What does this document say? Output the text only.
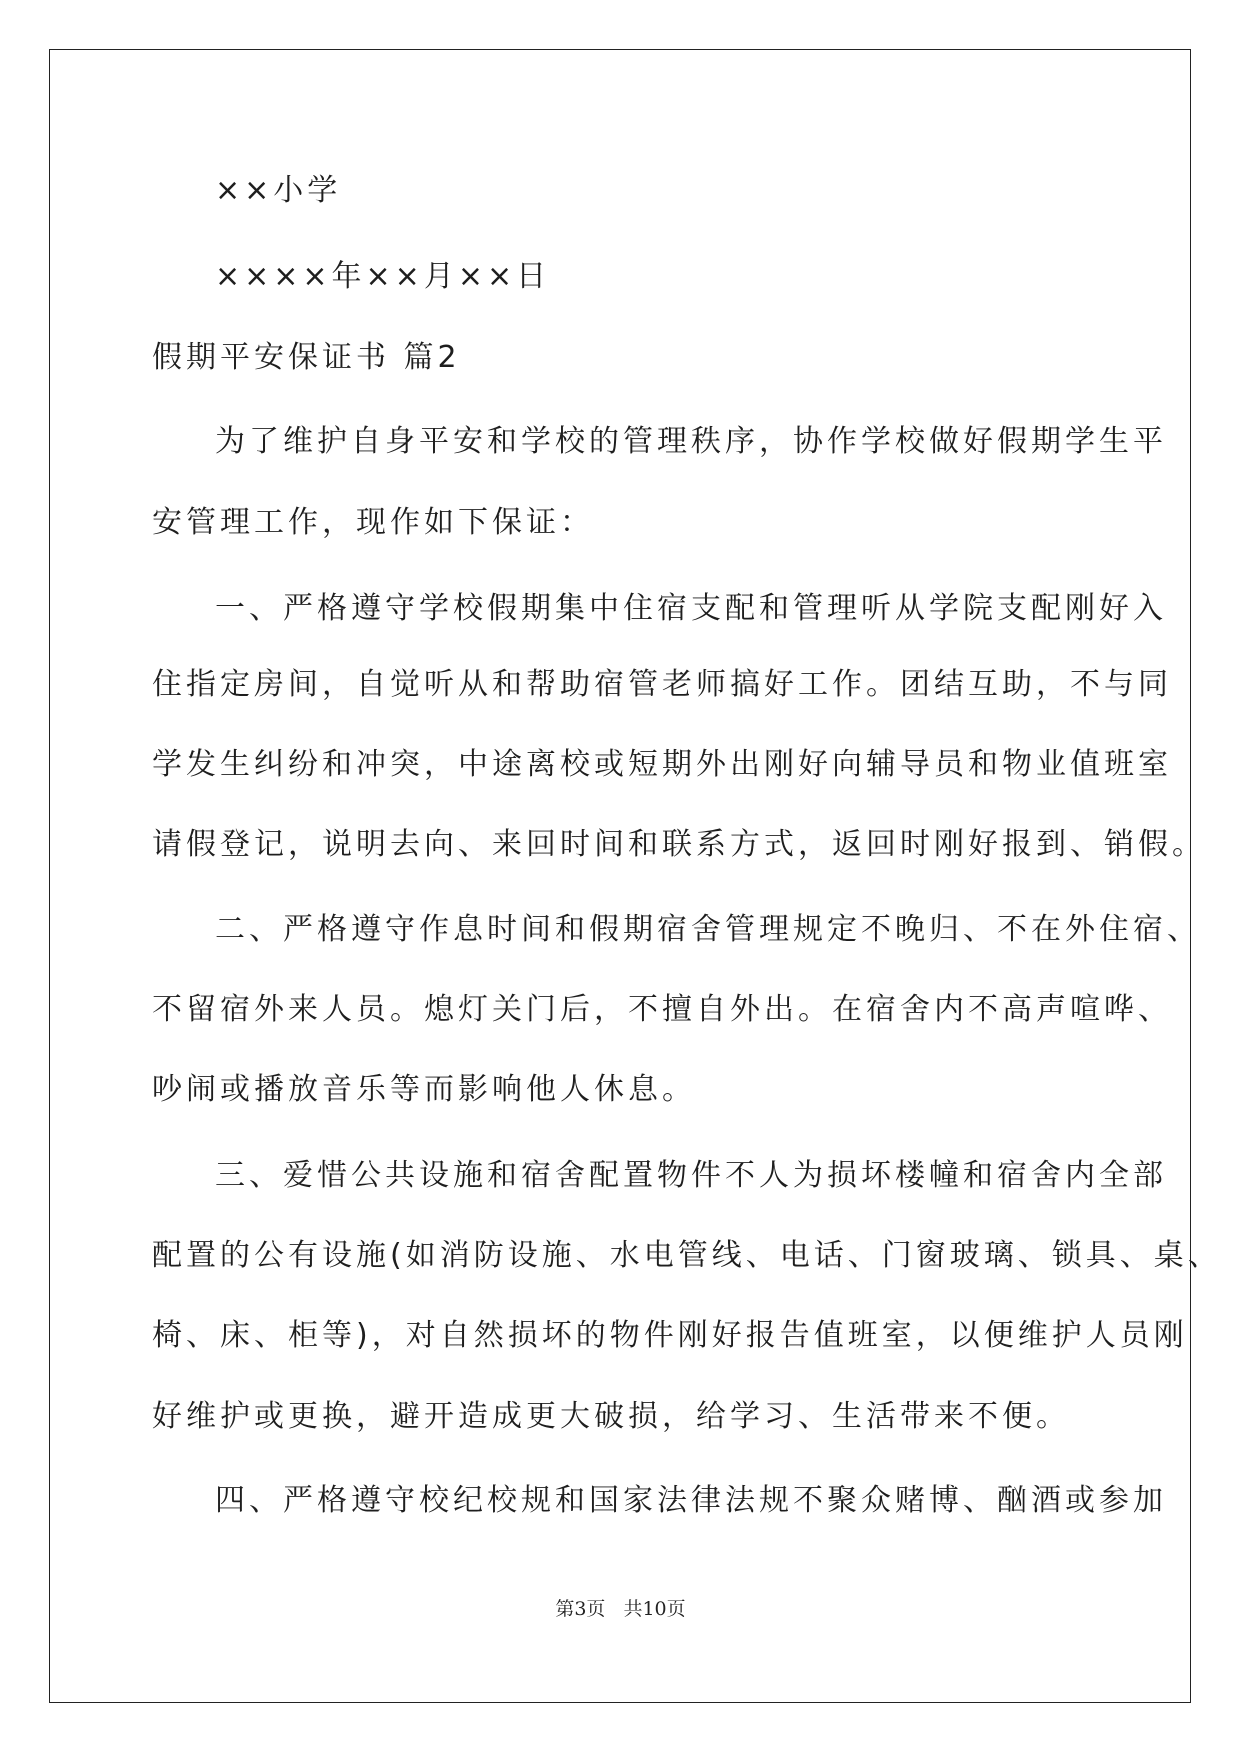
××小学
××××年××月××日
假期平安保证书 篇2
为了维护自身平安和学校的管理秩序，协作学校做好假期学生平
安管理工作，现作如下保证：
一、严格遵守学校假期集中住宿支配和管理听从学院支配刚好入
住指定房间，自觉听从和帮助宿管老师搞好工作。团结互助，不与同
学发生纠纷和冲突，中途离校或短期外出刚好向辅导员和物业值班室
请假登记，说明去向、来回时间和联系方式，返回时刚好报到、销假。
二、严格遵守作息时间和假期宿舍管理规定不晚归、不在外住宿、
不留宿外来人员。熄灯关门后，不擅自外出。在宿舍内不高声喧哗、
吵闹或播放音乐等而影响他人休息。
三、爱惜公共设施和宿舍配置物件不人为损坏楼幢和宿舍内全部
配置的公有设施(如消防设施、水电管线、电话、门窗玻璃、锁具、桌、
椅、床、柜等)，对自然损坏的物件刚好报告值班室，以便维护人员刚
好维护或更换，避开造成更大破损，给学习、生活带来不便。
四、严格遵守校纪校规和国家法律法规不聚众赌博、酗酒或参加
第3页 共10页
